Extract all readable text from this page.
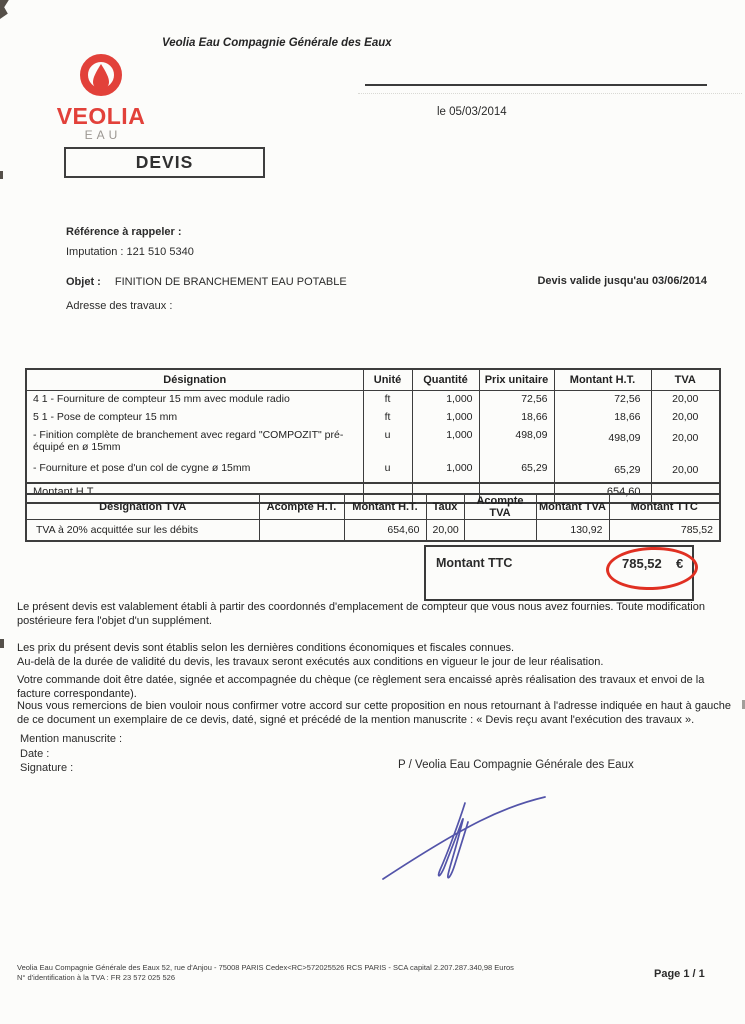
Veolia Eau Compagnie Générale des Eaux
VEOLIA
EAU
le 05/03/2014
DEVIS
Référence à rappeler :
Imputation : 121 510 5340
Objet : FINITION DE BRANCHEMENT EAU POTABLE	Devis valide jusqu'au 03/06/2014
Adresse des travaux :
Désignation	Unité	Quantité	Prix unitaire	Montant H.T.	TVA
4 1 - Fourniture de compteur 15 mm avec module radio	ft	1,000	72,56	72,56	20,00
5 1 - Pose de compteur 15 mm	ft	1,000	18,66	18,66	20,00
- Finition complète de branchement avec regard "COMPOZIT" pré-équipé en ø 15mm	u	1,000	498,09	498,09	20,00
- Fourniture et pose d'un col de cygne ø 15mm	u	1,000	65,29	65,29	20,00
Montant H.T.				654,60	
Désignation TVA	Acompte H.T.	Montant H.T.	Taux	Acompte TVA	Montant TVA	Montant TTC
TVA à 20% acquittée sur les débits		654,60	20,00		130,92	785,52
Montant TTC	785,52 €
Le présent devis est valablement établi à partir des coordonnés d'emplacement de compteur que vous nous avez fournies. Toute modification postérieure fera l'objet d'un supplément.
Les prix du présent devis sont établis selon les dernières conditions économiques et fiscales connues.
Au-delà de la durée de validité du devis, les travaux seront exécutés aux conditions en vigueur le jour de leur réalisation.
Votre commande doit être datée, signée et accompagnée du chèque (ce règlement sera encaissé après réalisation des travaux et envoi de la facture correspondante).
Nous vous remercions de bien vouloir nous confirmer votre accord sur cette proposition en nous retournant à l'adresse indiquée en haut à gauche de ce document un exemplaire de ce devis, daté, signé et précédé de la mention manuscrite : « Devis reçu avant l'exécution des travaux ».
Mention manuscrite :
Date :
Signature :	P / Veolia Eau Compagnie Générale des Eaux
Veolia Eau Compagnie Générale des Eaux 52, rue d'Anjou - 75008 PARIS Cedex<RC>572025526 RCS PARIS - SCA capital 2.207.287.340,98 Euros
N° d'identification à la TVA : FR 23 572 025 526	Page 1 / 1
